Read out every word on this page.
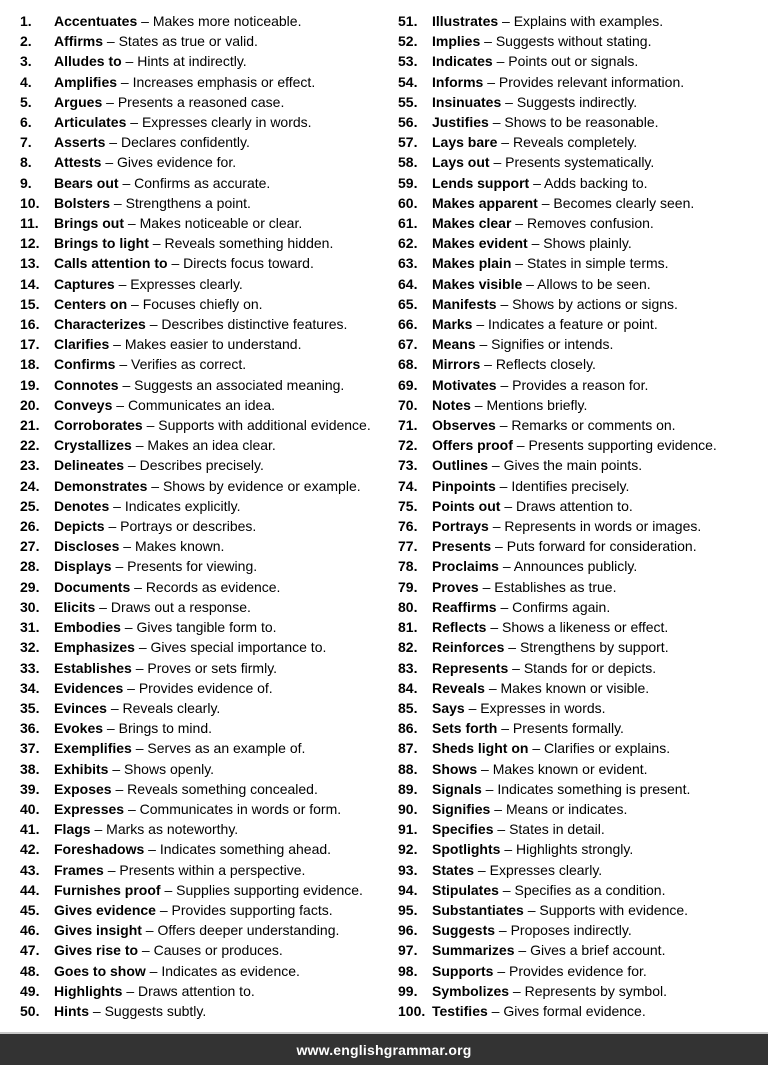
1.	Accentuates – Makes more noticeable.
2.	Affirms – States as true or valid.
3.	Alludes to – Hints at indirectly.
4.	Amplifies – Increases emphasis or effect.
5.	Argues – Presents a reasoned case.
6.	Articulates – Expresses clearly in words.
7.	Asserts – Declares confidently.
8.	Attests – Gives evidence for.
9.	Bears out – Confirms as accurate.
10.	Bolsters – Strengthens a point.
11.	Brings out – Makes noticeable or clear.
12.	Brings to light – Reveals something hidden.
13.	Calls attention to – Directs focus toward.
14.	Captures – Expresses clearly.
15.	Centers on – Focuses chiefly on.
16.	Characterizes – Describes distinctive features.
17.	Clarifies – Makes easier to understand.
18.	Confirms – Verifies as correct.
19.	Connotes – Suggests an associated meaning.
20.	Conveys – Communicates an idea.
21.	Corroborates – Supports with additional evidence.
22.	Crystallizes – Makes an idea clear.
23.	Delineates – Describes precisely.
24.	Demonstrates – Shows by evidence or example.
25.	Denotes – Indicates explicitly.
26.	Depicts – Portrays or describes.
27.	Discloses – Makes known.
28.	Displays – Presents for viewing.
29.	Documents – Records as evidence.
30.	Elicits – Draws out a response.
31.	Embodies – Gives tangible form to.
32.	Emphasizes – Gives special importance to.
33.	Establishes – Proves or sets firmly.
34.	Evidences – Provides evidence of.
35.	Evinces – Reveals clearly.
36.	Evokes – Brings to mind.
37.	Exemplifies – Serves as an example of.
38.	Exhibits – Shows openly.
39.	Exposes – Reveals something concealed.
40.	Expresses – Communicates in words or form.
41.	Flags – Marks as noteworthy.
42.	Foreshadows – Indicates something ahead.
43.	Frames – Presents within a perspective.
44.	Furnishes proof – Supplies supporting evidence.
45.	Gives evidence – Provides supporting facts.
46.	Gives insight – Offers deeper understanding.
47.	Gives rise to – Causes or produces.
48.	Goes to show – Indicates as evidence.
49.	Highlights – Draws attention to.
50.	Hints – Suggests subtly.
51.	Illustrates – Explains with examples.
52.	Implies – Suggests without stating.
53.	Indicates – Points out or signals.
54.	Informs – Provides relevant information.
55.	Insinuates – Suggests indirectly.
56.	Justifies – Shows to be reasonable.
57.	Lays bare – Reveals completely.
58.	Lays out – Presents systematically.
59.	Lends support – Adds backing to.
60.	Makes apparent – Becomes clearly seen.
61.	Makes clear – Removes confusion.
62.	Makes evident – Shows plainly.
63.	Makes plain – States in simple terms.
64.	Makes visible – Allows to be seen.
65.	Manifests – Shows by actions or signs.
66.	Marks – Indicates a feature or point.
67.	Means – Signifies or intends.
68.	Mirrors – Reflects closely.
69.	Motivates – Provides a reason for.
70.	Notes – Mentions briefly.
71.	Observes – Remarks or comments on.
72.	Offers proof – Presents supporting evidence.
73.	Outlines – Gives the main points.
74.	Pinpoints – Identifies precisely.
75.	Points out – Draws attention to.
76.	Portrays – Represents in words or images.
77.	Presents – Puts forward for consideration.
78.	Proclaims – Announces publicly.
79.	Proves – Establishes as true.
80.	Reaffirms – Confirms again.
81.	Reflects – Shows a likeness or effect.
82.	Reinforces – Strengthens by support.
83.	Represents – Stands for or depicts.
84.	Reveals – Makes known or visible.
85.	Says – Expresses in words.
86.	Sets forth – Presents formally.
87.	Sheds light on – Clarifies or explains.
88.	Shows – Makes known or evident.
89.	Signals – Indicates something is present.
90.	Signifies – Means or indicates.
91.	Specifies – States in detail.
92.	Spotlights – Highlights strongly.
93.	States – Expresses clearly.
94.	Stipulates – Specifies as a condition.
95.	Substantiates – Supports with evidence.
96.	Suggests – Proposes indirectly.
97.	Summarizes – Gives a brief account.
98.	Supports – Provides evidence for.
99.	Symbolizes – Represents by symbol.
100. Testifies – Gives formal evidence.
www.englishgrammar.org
